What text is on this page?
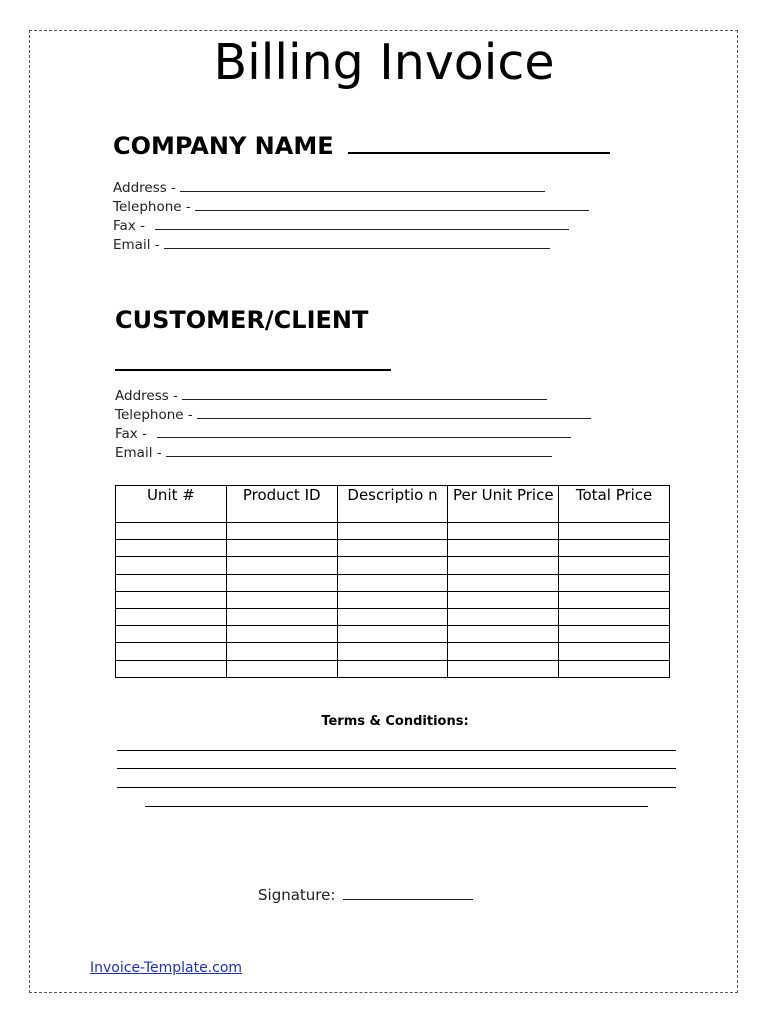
Billing Invoice
COMPANY NAME
Address -
Telephone -
Fax -
Email -
CUSTOMER/CLIENT
Address -
Telephone -
Fax -
Email -
Unit #	Product ID	Descriptio n	Per Unit Price	Total Price

Terms & Conditions:
Signature:
Invoice-Template.com
